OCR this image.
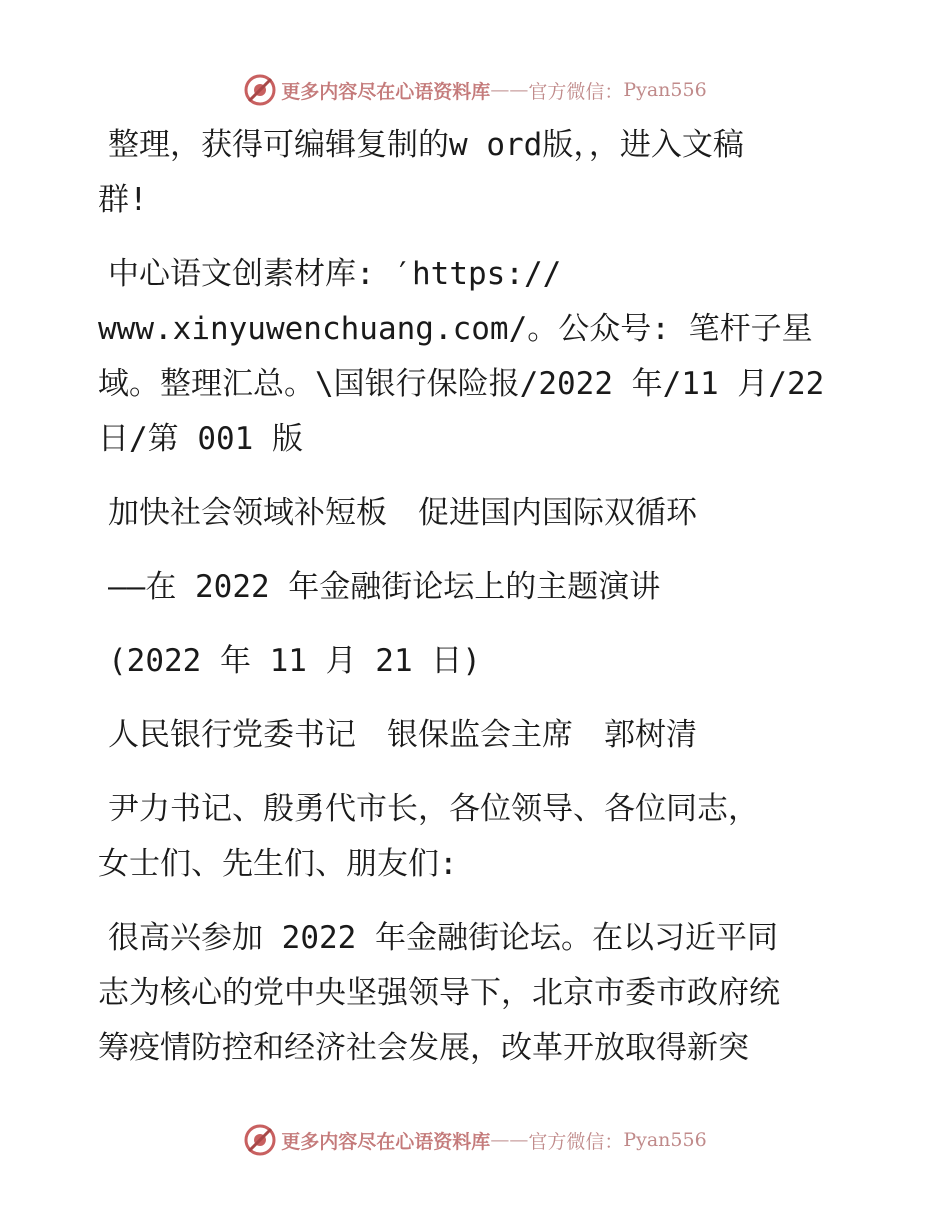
更多内容尽在心语资料库 —— 官方微信： Pyan556

整理，获得可编辑复制的w ord版，，进入文稿

群!

中心语文创素材库: ′https://

www.xinyuwenchuang.com/。公众号: 笔杆子星

域。整理汇总。\国银行保险报/2022 年/11 月/22

日/第 001 版

加快社会领域补短板　促进国内国际双循环

——在 2022 年金融街论坛上的主题演讲

(2022 年 11 月 21 日)

人民银行党委书记　银保监会主席　郭树清

尹力书记、殷勇代市长，各位领导、各位同志，

女士们、先生们、朋友们:

很高兴参加 2022 年金融街论坛。在以习近平同

志为核心的党中央坚强领导下，北京市委市政府统

筹疫情防控和经济社会发展，改革开放取得新突

更多内容尽在心语资料库 —— 官方微信： Pyan556
